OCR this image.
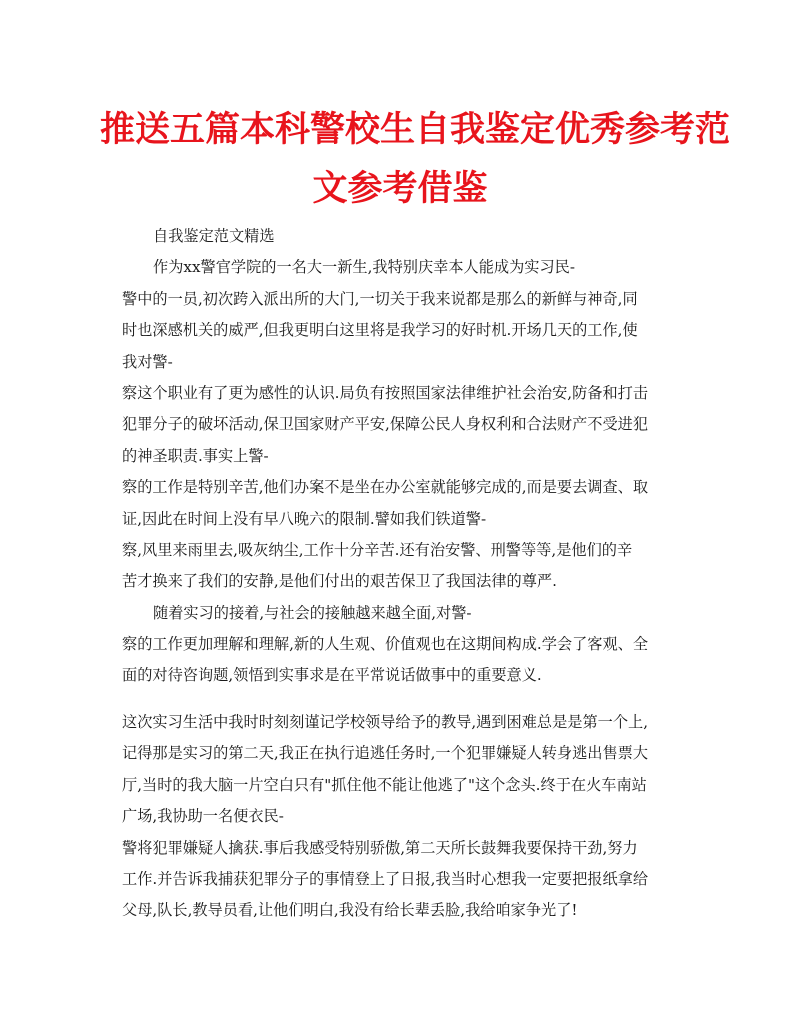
推送五篇本科警校生自我鉴定优秀参考范
文参考借鉴
自我鉴定范文精选
作为xx警官学院的一名大一新生,我特别庆幸本人能成为实习民-
警中的一员,初次跨入派出所的大门,一切关于我来说都是那么的新鲜与神奇,同
时也深感机关的威严,但我更明白这里将是我学习的好时机.开场几天的工作,使
我对警-
察这个职业有了更为感性的认识.局负有按照国家法律维护社会治安,防备和打击
犯罪分子的破坏活动,保卫国家财产平安,保障公民人身权利和合法财产不受进犯
的神圣职责.事实上警-
察的工作是特别辛苦,他们办案不是坐在办公室就能够完成的,而是要去调查、取
证,因此在时间上没有早八晚六的限制.譬如我们铁道警-
察,风里来雨里去,吸灰纳尘,工作十分辛苦.还有治安警、刑警等等,是他们的辛
苦才换来了我们的安静,是他们付出的艰苦保卫了我国法律的尊严.
随着实习的接着,与社会的接触越来越全面,对警-
察的工作更加理解和理解,新的人生观、价值观也在这期间构成.学会了客观、全
面的对待咨询题,领悟到实事求是在平常说话做事中的重要意义.
这次实习生活中我时时刻刻谨记学校领导给予的教导,遇到困难总是是第一个上,
记得那是实习的第二天,我正在执行追逃任务时,一个犯罪嫌疑人转身逃出售票大
厅,当时的我大脑一片空白只有"抓住他不能让他逃了"这个念头.终于在火车南站
广场,我协助一名便衣民-
警将犯罪嫌疑人擒获.事后我感受特别骄傲,第二天所长鼓舞我要保持干劲,努力
工作.并告诉我捕获犯罪分子的事情登上了日报,我当时心想我一定要把报纸拿给
父母,队长,教导员看,让他们明白,我没有给长辈丢脸,我给咱家争光了!
